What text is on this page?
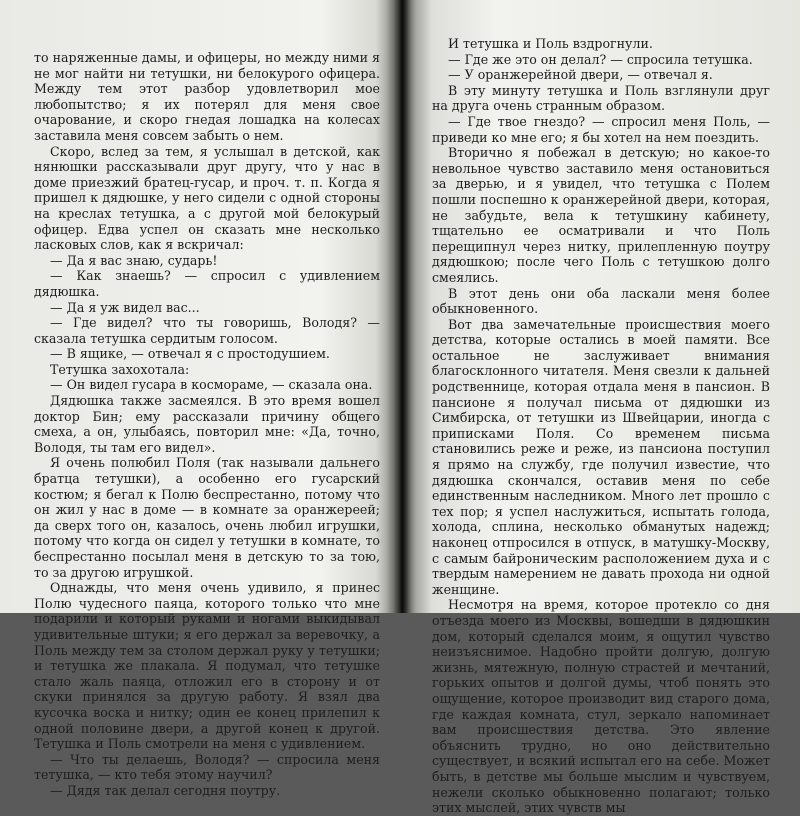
то наряженные дамы, и офицеры, но между ними я не мог найти ни тетушки, ни белокурого офицера. Между тем этот разбор удовлетворил мое любопытство; я их потерял для меня свое очарование, и скоро гнедая лошадка на колесах заставила меня совсем забыть о нем.

Скоро, вслед за тем, я услышал в детской, как нянюшки рассказывали друг другу, что у нас в доме приезжий братец-гусар, и проч. т. п. Когда я пришел к дядюшке, у него сидели с одной стороны на креслах тетушка, а с другой мой белокурый офицер. Едва успел он сказать мне несколько ласковых слов, как я вскричал:

— Да я вас знаю, сударь!

— Как знаешь? — спросил с удивлением дядюшка.

— Да я уж видел вас...

— Где видел? что ты говоришь, Володя? — сказала тетушка сердитым голосом.

— В ящике, — отвечал я с простодушием.

Тетушка захохотала:

— Он видел гусара в космораме, — сказала она.

Дядюшка также засмеялся. В это время вошел доктор Бин; ему рассказали причину общего смеха, а он, улыбаясь, повторил мне: «Да, точно, Володя, ты там его видел».

Я очень полюбил Поля (так называли дальнего братца тетушки), а особенно его гусарский костюм; я бегал к Полю беспрестанно, потому что он жил у нас в доме — в комнате за оранжереей; да сверх того он, казалось, очень любил игрушки, потому что когда он сидел у тетушки в комнате, то беспрестанно посылал меня в детскую то за тою, то за другою игрушкой.

Однажды, что меня очень удивило, я принес Полю чудесного паяца, которого только что мне подарили и который руками и ногами выкидывал удивительные штуки; я его держал за веревочку, а Поль между тем за столом держал руку у тетушки; и тетушка же плакала. Я подумал, что тетушке стало жаль паяца, отложил его в сторону и от скуки принялся за другую работу. Я взял два кусочка воска и нитку; один ее конец прилепил к одной половине двери, а другой конец к другой. Тетушка и Поль смотрели на меня с удивлением.

— Что ты делаешь, Володя? — спросила меня тетушка, — кто тебя этому научил?

— Дядя так делал сегодня поутру.

И тетушка и Поль вздрогнули.

— Где же это он делал? — спросила тетушка.

— У оранжерейной двери, — отвечал я.

В эту минуту тетушка и Поль взглянули друг на друга очень странным образом.

— Где твое гнездо? — спросил меня Поль, — приведи ко мне его; я бы хотел на нем поездить.

Вторично я побежал в детскую; но какое-то невольное чувство заставило меня остановиться за дверью, и я увидел, что тетушка с Полем пошли поспешно к оранжерейной двери, которая, не забудьте, вела к тетушкину кабинету, тщательно ее осматривали и что Поль перещипнул через нитку, прилепленную поутру дядюшкою; после чего Поль с тетушкою долго смеялись.

В этот день они оба ласкали меня более обыкновенного.

Вот два замечательные происшествия моего детства, которые остались в моей памяти. Все остальное не заслуживает внимания благосклонного читателя. Меня свезли к дальней родственнице, которая отдала меня в пансион. В пансионе я получал письма от дядюшки из Симбирска, от тетушки из Швейцарии, иногда с приписками Поля. Со временем письма становились реже и реже, из пансиона поступил я прямо на службу, где получил известие, что дядюшка скончался, оставив меня по себе единственным наследником. Много лет прошло с тех пор; я успел наслужиться, испытать голода, холода, сплина, несколько обманутых надежд; наконец отпросился в отпуск, в матушку-Москву, с самым байроническим расположением духа и с твердым намерением не давать прохода ни одной женщине.

Несмотря на время, которое протекло со дня отъезда моего из Москвы, вошедши в дядюшкин дом, который сделался моим, я ощутил чувство неизъяснимое. Надобно пройти долгую, долгую жизнь, мятежную, полную страстей и мечтаний, горьких опытов и долгой думы, чтоб понять это ощущение, которое производит вид старого дома, где каждая комната, стул, зеркало напоминает вам происшествия детства. Это явление объяснить трудно, но оно действительно существует, и всякий испытал его на себе. Может быть, в детстве мы больше мыслим и чувствуем, нежели сколько обыкновенно полагают; только этих мыслей, этих чувств мы
